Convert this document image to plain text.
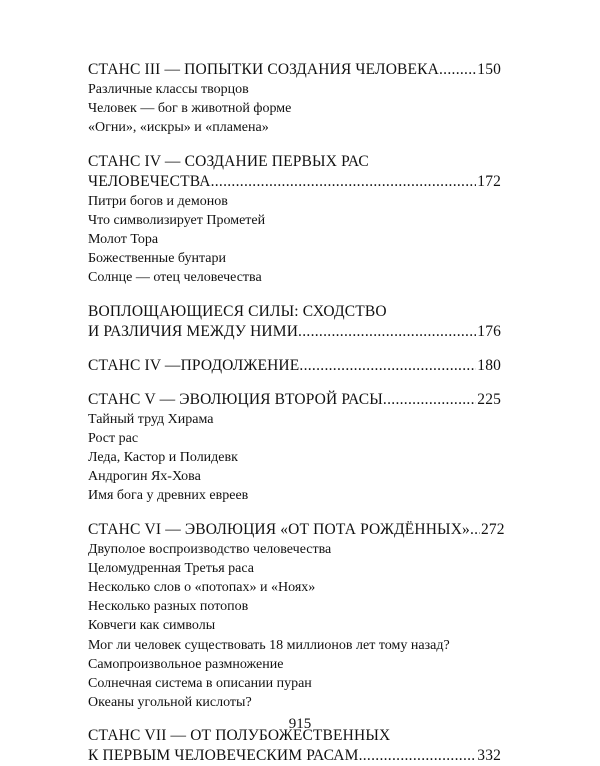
СТАНС III — ПОПЫТКИ СОЗДАНИЯ ЧЕЛОВЕКА ..... 150
Различные классы творцов
Человек — бог в животной форме
«Огни», «искры» и «пламена»
СТАНС IV — СОЗДАНИЕ ПЕРВЫХ РАС
ЧЕЛОВЕЧЕСТВА .....	172
Питри богов и демонов
Что символизирует Прометей
Молот Тора
Божественные бунтари
Солнце — отец человечества
ВОПЛОЩАЮЩИЕСЯ СИЛЫ: СХОДСТВО
И РАЗЛИЧИЯ МЕЖДУ НИМИ .....	176
СТАНС IV —ПРОДОЛЖЕНИЕ .....	180
СТАНС V — ЭВОЛЮЦИЯ ВТОРОЙ РАСЫ .....	225
Тайный труд Хирама
Рост рас
Леда, Кастор и Полидевк
Андрогин Ях-Хова
Имя бога у древних евреев
СТАНС VI — ЭВОЛЮЦИЯ «ОТ ПОТА РОЖДЁННЫХ» ..... 272
Двуполое воспроизводство человечества
Целомудренная Третья раса
Несколько слов о «потопах» и «Ноях»
Несколько разных потопов
Ковчеги как символы
Мог ли человек существовать 18 миллионов лет тому назад?
Самопроизвольное размножение
Солнечная система в описании пуран
Океаны угольной кислоты?
СТАНС VII — ОТ ПОЛУБОЖЕСТВЕННЫХ
К ПЕРВЫМ ЧЕЛОВЕЧЕСКИМ РАСАМ .....	332
915
